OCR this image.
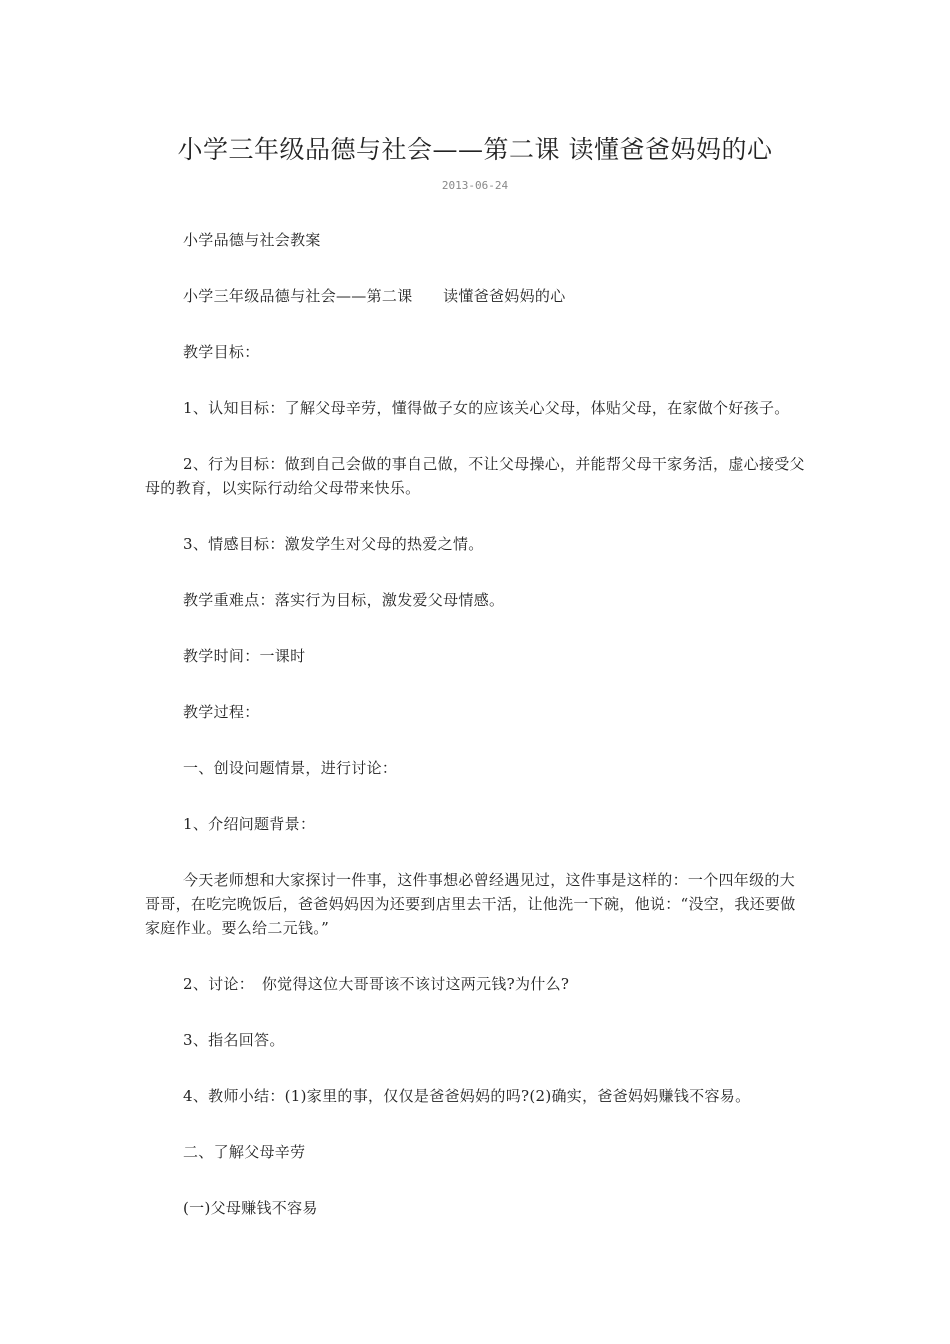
小学三年级品德与社会——第二课 读懂爸爸妈妈的心
2013-06-24

小学品德与社会教案

小学三年级品德与社会——第二课　　读懂爸爸妈妈的心

教学目标：

1、认知目标：了解父母辛劳，懂得做子女的应该关心父母，体贴父母，在家做个好孩子。

2、行为目标：做到自己会做的事自己做，不让父母操心，并能帮父母干家务活，虚心接受父母的教育，以实际行动给父母带来快乐。

3、情感目标：激发学生对父母的热爱之情。

教学重难点：落实行为目标，激发爱父母情感。

教学时间：一课时

教学过程：

一、创设问题情景，进行讨论：

1、介绍问题背景：

今天老师想和大家探讨一件事，这件事想必曾经遇见过，这件事是这样的：一个四年级的大哥哥，在吃完晚饭后，爸爸妈妈因为还要到店里去干活，让他洗一下碗，他说：“没空，我还要做家庭作业。要么给二元钱。”

2、讨论：　你觉得这位大哥哥该不该讨这两元钱?为什么?

3、指名回答。

4、教师小结：(1)家里的事，仅仅是爸爸妈妈的吗?(2)确实，爸爸妈妈赚钱不容易。

二、了解父母辛劳

(一)父母赚钱不容易
